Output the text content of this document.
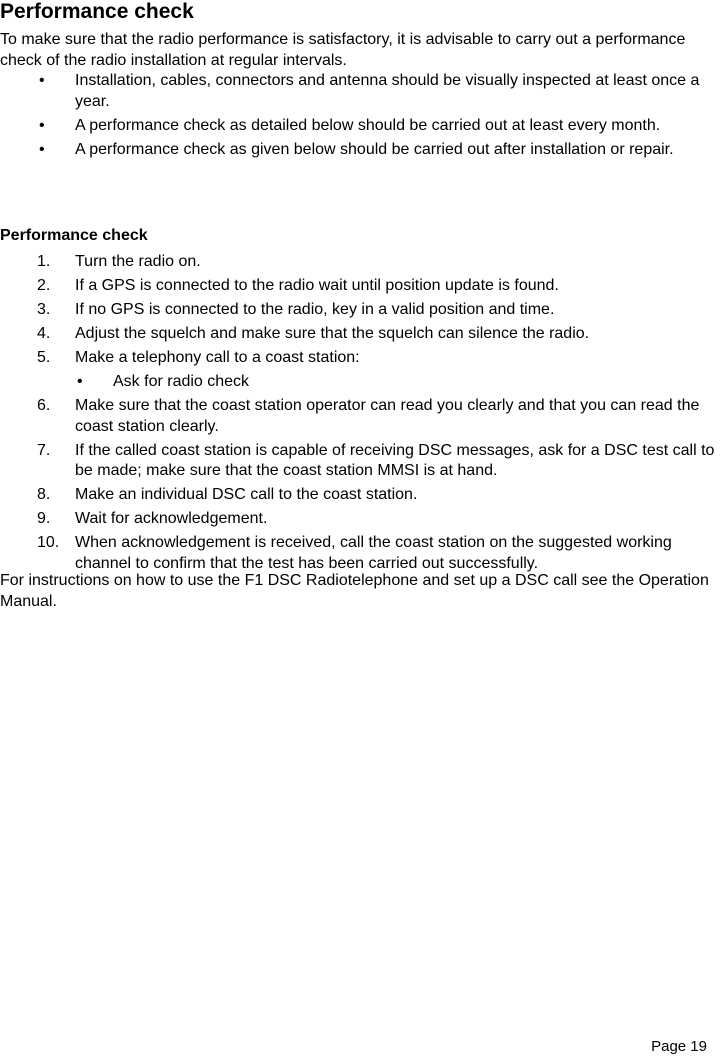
Performance check

To make sure that the radio performance is satisfactory, it is advisable to carry out a performance check of the radio installation at regular intervals.

• Installation, cables, connectors and antenna should be visually inspected at least once a year.
• A performance check as detailed below should be carried out at least every month.
• A performance check as given below should be carried out after installation or repair.
Performance check
1. Turn the radio on.
2. If a GPS is connected to the radio wait until position update is found.
3. If no GPS is connected to the radio, key in a valid position and time.
4. Adjust the squelch and make sure that the squelch can silence the radio.
5. Make a telephony call to a coast station:
• Ask for radio check
6. Make sure that the coast station operator can read you clearly and that you can read the coast station clearly.
7. If the called coast station is capable of receiving DSC messages, ask for a DSC test call to be made; make sure that the coast station MMSI is at hand.
8. Make an individual DSC call to the coast station.
9. Wait for acknowledgement.
10. When acknowledgement is received, call the coast station on the suggested working channel to confirm that the test has been carried out successfully.

For instructions on how to use the F1 DSC Radiotelephone and set up a DSC call see the Operation Manual.

Page 19
